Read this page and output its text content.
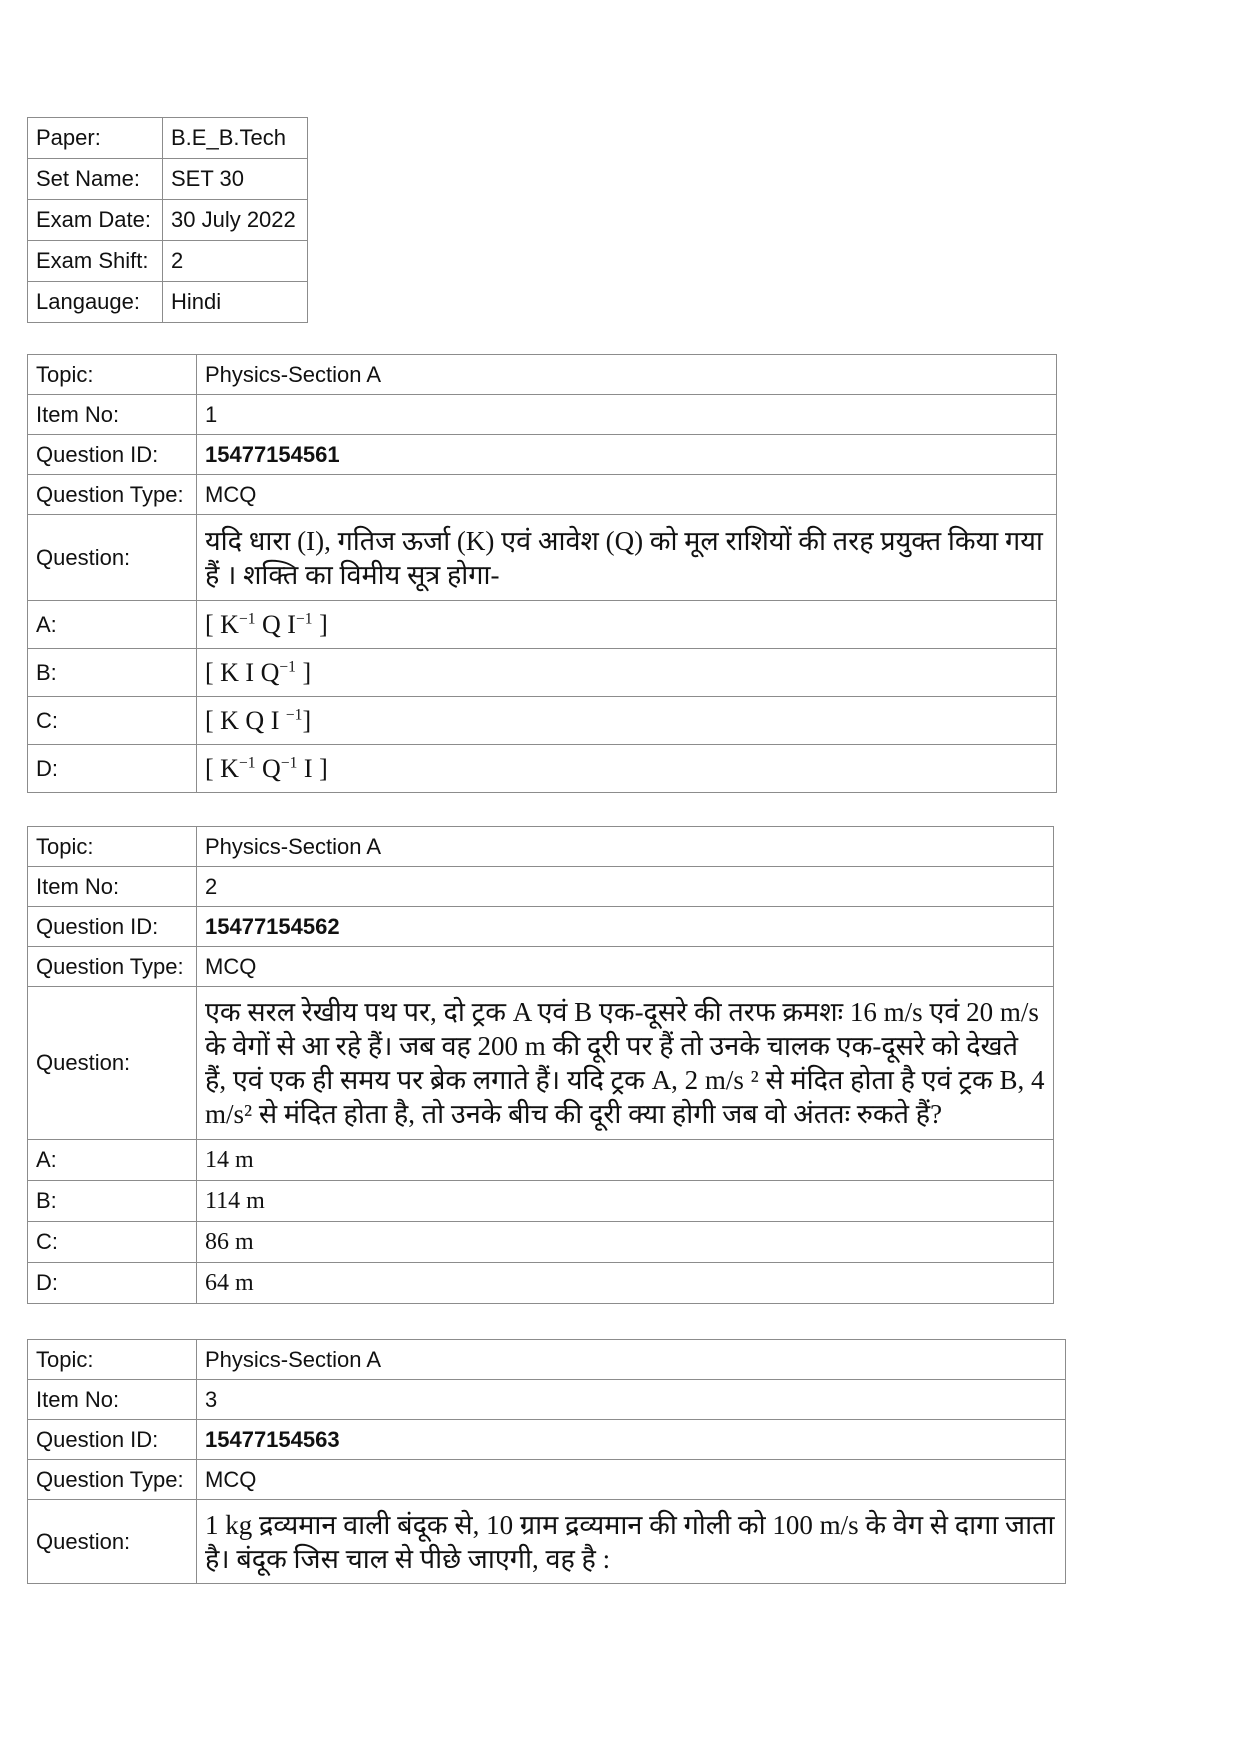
Paper:	B.E_B.Tech
Set Name:	SET 30
Exam Date:	30 July 2022
Exam Shift:	2
Langauge:	Hindi
Topic:	Physics-Section A
Item No:	1
Question ID:	15477154561
Question Type:	MCQ
Question:	यदि धारा (I), गतिज ऊर्जा (K) एवं आवेश (Q) को मूल राशियों की तरह प्रयुक्त किया गया हैं । शक्ति का विमीय सूत्र होगा-
A:	[ $K^{-1}$ Q $I^{-1}$ ]
B:	[ K I $Q^{-1}$ ]
C:	[ K Q I $^{-1}$]
D:	[ $K^{-1}$ $Q^{-1}$ I ]
Topic:	Physics-Section A
Item No:	2
Question ID:	15477154562
Question Type:	MCQ
Question:	एक सरल रेखीय पथ पर, दो ट्रक A एवं B एक-दूसरे की तरफ क्रमशः 16 m/s एवं 20 m/s के वेगों से आ रहे हैं। जब वह 200 m की दूरी पर हैं तो उनके चालक एक-दूसरे को देखते हैं, एवं एक ही समय पर ब्रेक लगाते हैं। यदि ट्रक A, 2 m/s ² से मंदित होता है एवं ट्रक B, 4 m/s² से मंदित होता है, तो उनके बीच की दूरी क्या होगी जब वो अंततः रुकते हैं?
A:	14 m
B:	114 m
C:	86 m
D:	64 m
Topic:	Physics-Section A
Item No:	3
Question ID:	15477154563
Question Type:	MCQ
Question:	1 kg द्रव्यमान वाली बंदूक से, 10 ग्राम द्रव्यमान की गोली को 100 m/s के वेग से दागा जाता है। बंदूक जिस चाल से पीछे जाएगी, वह है :
